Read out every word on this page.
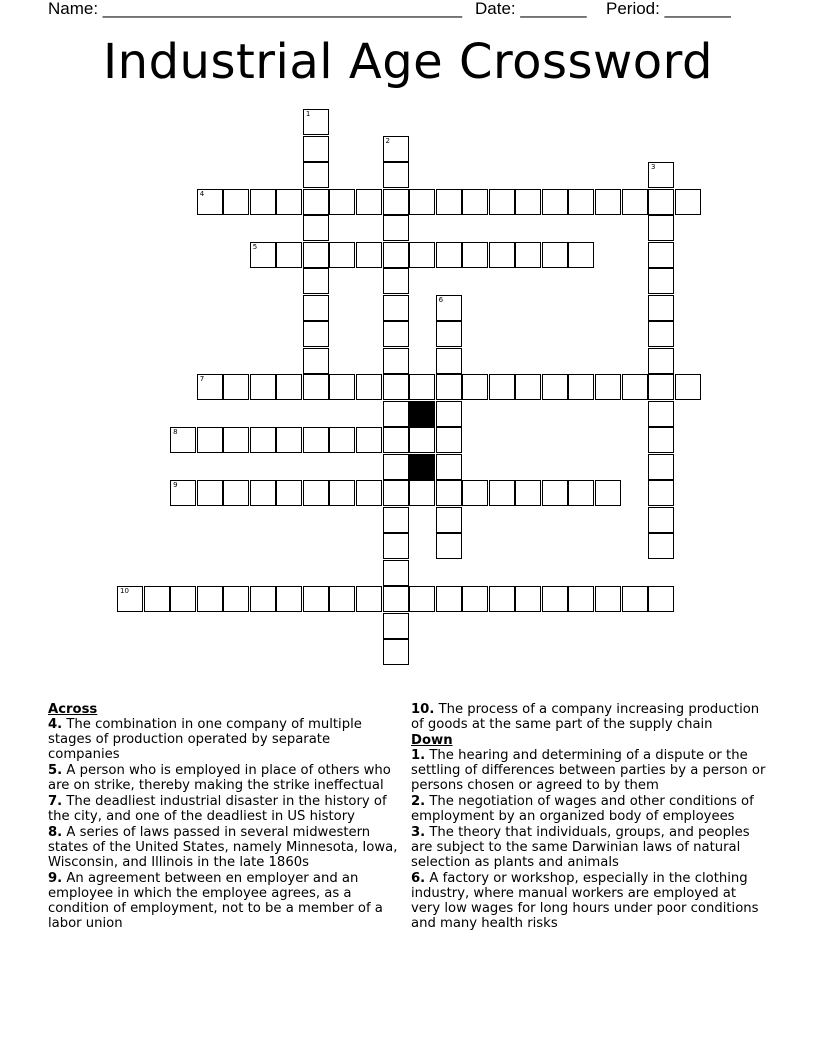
Name: ______________________________________ Date: _______ Period: _______
Industrial Age Crossword
1
2
3
4
5
6
7
8
9
10
Across
4. The combination in one company of multiple stages of production operated by separate companies
5. A person who is employed in place of others who are on strike, thereby making the strike ineffectual
7. The deadliest industrial disaster in the history of the city, and one of the deadliest in US history
8. A series of laws passed in several midwestern states of the United States, namely Minnesota, Iowa, Wisconsin, and Illinois in the late 1860s
9. An agreement between en employer and an employee in which the employee agrees, as a condition of employment, not to be a member of a labor union
10. The process of a company increasing production of goods at the same part of the supply chain
Down
1. The hearing and determining of a dispute or the settling of differences between parties by a person or persons chosen or agreed to by them
2. The negotiation of wages and other conditions of employment by an organized body of employees
3. The theory that individuals, groups, and peoples are subject to the same Darwinian laws of natural selection as plants and animals
6. A factory or workshop, especially in the clothing industry, where manual workers are employed at very low wages for long hours under poor conditions and many health risks
